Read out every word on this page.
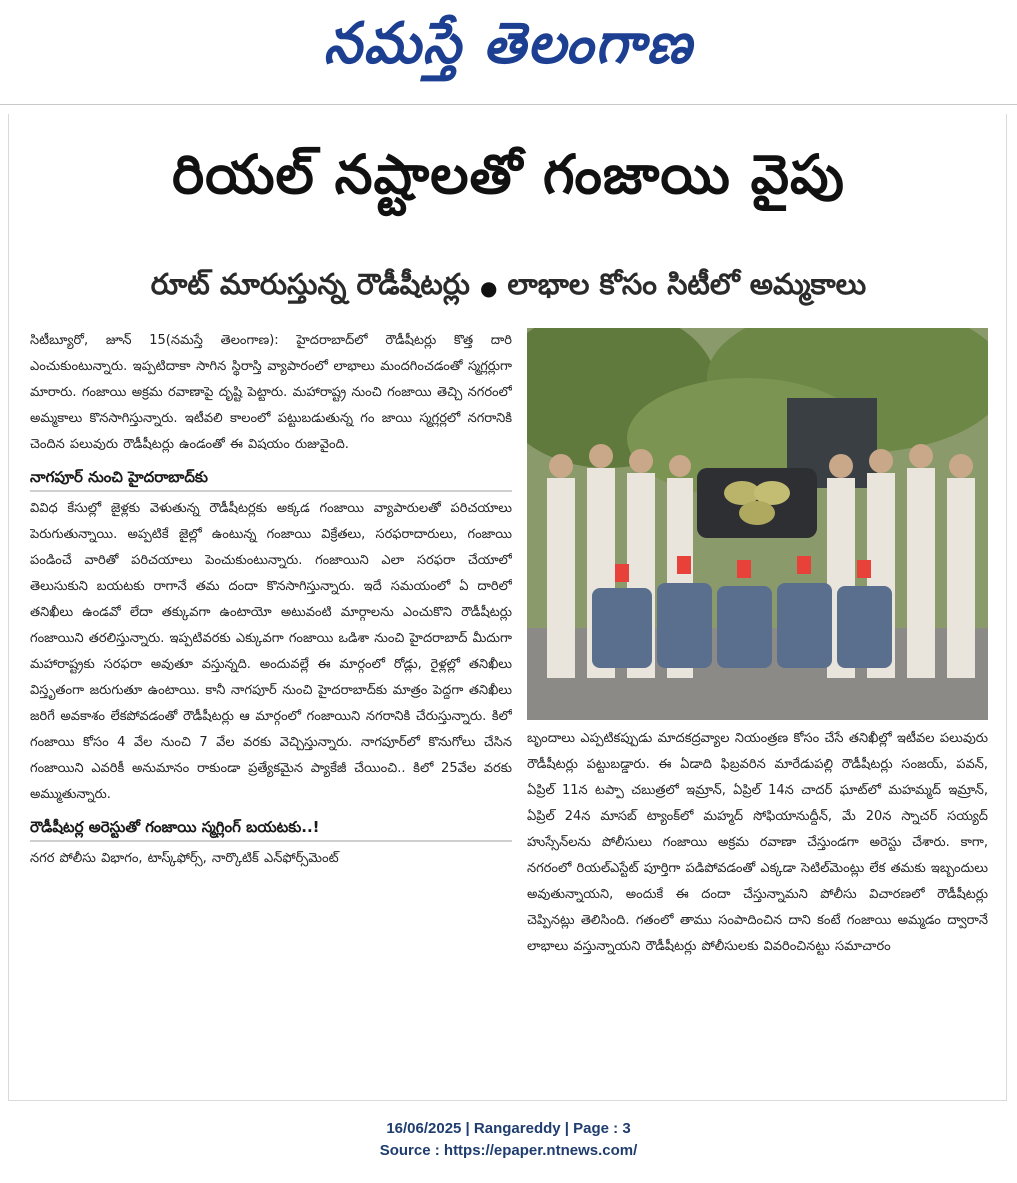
నమస్తే తెలంగాణ
రియల్ నష్టాలతో గంజాయి వైపు
రూట్ మారుస్తున్న రౌడీషీటర్లు ● లాభాల కోసం సిటీలో అమ్మకాలు

సిటీబ్యూరో, జూన్ 15(నమస్తే తెలంగాణ): హైదరాబాద్‌లో రౌడీషీటర్లు కొత్త దారి ఎంచుకుంటున్నారు. ఇప్పటిదాకా సాగిన స్థిరాస్తి వ్యాపారంలో లాభాలు మందగించడంతో స్మగ్లర్లుగా మారారు. గంజాయి అక్రమ రవాణాపై దృష్టి పెట్టారు. మహారాష్ట్ర నుంచి గంజాయి తెచ్చి నగరంలో అమ్మకాలు కొనసాగిస్తున్నారు. ఇటీవలి కాలంలో పట్టుబడుతున్న గం జాయి స్మగ్లర్లలో నగరానికి చెందిన పలువురు రౌడీషీటర్లు ఉండంతో ఈ విషయం రుజువైంది.

నాగపూర్ నుంచి హైదరాబాద్‌కు

వివిధ కేసుల్లో జైళ్లకు వెళుతున్న రౌడీషీటర్లకు అక్కడ గంజాయి వ్యాపారులతో పరిచయాలు పెరుగుతున్నాయి. అప్పటికే జైల్లో ఉంటున్న గంజాయి విక్రేతలు, సరఫరాదారులు, గంజాయి పండించే వారితో పరిచయాలు పెంచుకుంటున్నారు. గంజాయిని ఎలా సరఫరా చేయాలో తెలుసుకుని బయటకు రాగానే తమ దందా కొనసాగిస్తున్నారు. ఇదే సమయంలో ఏ దారిలో తనిఖీలు ఉండవో లేదా తక్కువగా ఉంటాయో అటువంటి మార్గాలను ఎంచుకొని రౌడీషీటర్లు గంజాయిని తరలిస్తున్నారు. ఇప్పటివరకు ఎక్కువగా గంజాయి ఒడిశా నుంచి హైదరాబాద్ మీదుగా మహారాష్ట్రకు సరఫరా అవుతూ వస్తున్నది. అందువల్లే ఈ మార్గంలో రోడ్లు, రైళ్లల్లో తనిఖీలు విస్తృతంగా జరుగుతూ ఉంటాయి. కానీ నాగపూర్ నుంచి హైదరాబాద్‌కు మాత్రం పెద్దగా తనిఖీలు జరిగే అవకాశం లేకపోవడంతో రౌడీషీటర్లు ఆ మార్గంలో గంజాయిని నగరానికి చేరుస్తున్నారు. కిలో గంజాయి కోసం 4 వేల నుంచి 7 వేల వరకు వెచ్చిస్తున్నారు. నాగపూర్‌లో కొనుగోలు చేసిన గంజాయిని ఎవరికీ అనుమానం రాకుండా ప్రత్యేకమైన ప్యాకేజీ చేయించి.. కిలో 25వేల వరకు అమ్ముతున్నారు.

రౌడీషీటర్ల అరెస్టుతో గంజాయి స్మగ్లింగ్ బయటకు..!

నగర పోలీసు విభాగం, టాస్క్‌ఫోర్స్, నార్కొటిక్ ఎన్‌ఫోర్స్‌మెంట్

బృందాలు ఎప్పటికప్పుడు మాదకద్రవ్యాల నియంత్రణ కోసం చేసే తనిఖీల్లో ఇటీవల పలువురు రౌడీషీటర్లు పట్టుబడ్డారు. ఈ ఏడాది ఫిబ్రవరిన మారేడుపల్లి రౌడీషీటర్లు సంజయ్, పవన్, ఏప్రిల్ 11న టప్పా చబుత్రలో ఇమ్రాన్, ఏప్రిల్ 14న చాదర్ ఘాట్‌లో మహమ్మద్ ఇమ్రాన్, ఏప్రిల్ 24న మాసబ్ ట్యాంక్‌లో మహ్మద్ సోఫియానుద్దీన్, మే 20న స్నాచర్ సయ్యద్ హుస్సేన్‌లను పోలీసులు గంజాయి అక్రమ రవాణా చేస్తుండగా అరెస్టు చేశారు. కాగా, నగరంలో రియల్‌ఎస్టేట్ పూర్తిగా పడిపోవడంతో ఎక్కడా సెటిల్‌మెంట్లు లేక తమకు ఇబ్బందులు అవుతున్నాయని, అందుకే ఈ దందా చేస్తున్నామని పోలీసు విచారణలో రౌడీషీటర్లు చెప్పినట్లు తెలిసింది. గతంలో తాము సంపాదించిన దాని కంటే గంజాయి అమ్మడం ద్వారానే లాభాలు వస్తున్నాయని రౌడీషీటర్లు పోలీసులకు వివరించినట్టు సమాచారం

16/06/2025 | Rangareddy | Page : 3
Source : https://epaper.ntnews.com/
